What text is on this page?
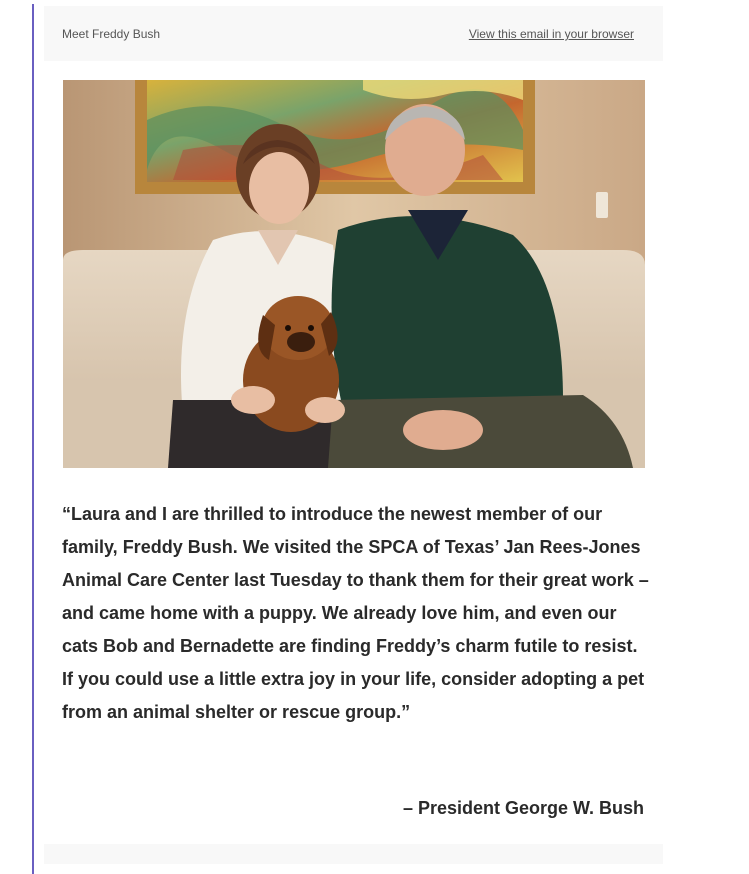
Meet Freddy Bush	View this email in your browser

“Laura and I are thrilled to introduce the newest member of our family, Freddy Bush. We visited the SPCA of Texas’ Jan Rees-Jones Animal Care Center last Tuesday to thank them for their great work – and came home with a puppy. We already love him, and even our cats Bob and Bernadette are finding Freddy’s charm futile to resist. If you could use a little extra joy in your life, consider adopting a pet from an animal shelter or rescue group.”

– President George W. Bush
